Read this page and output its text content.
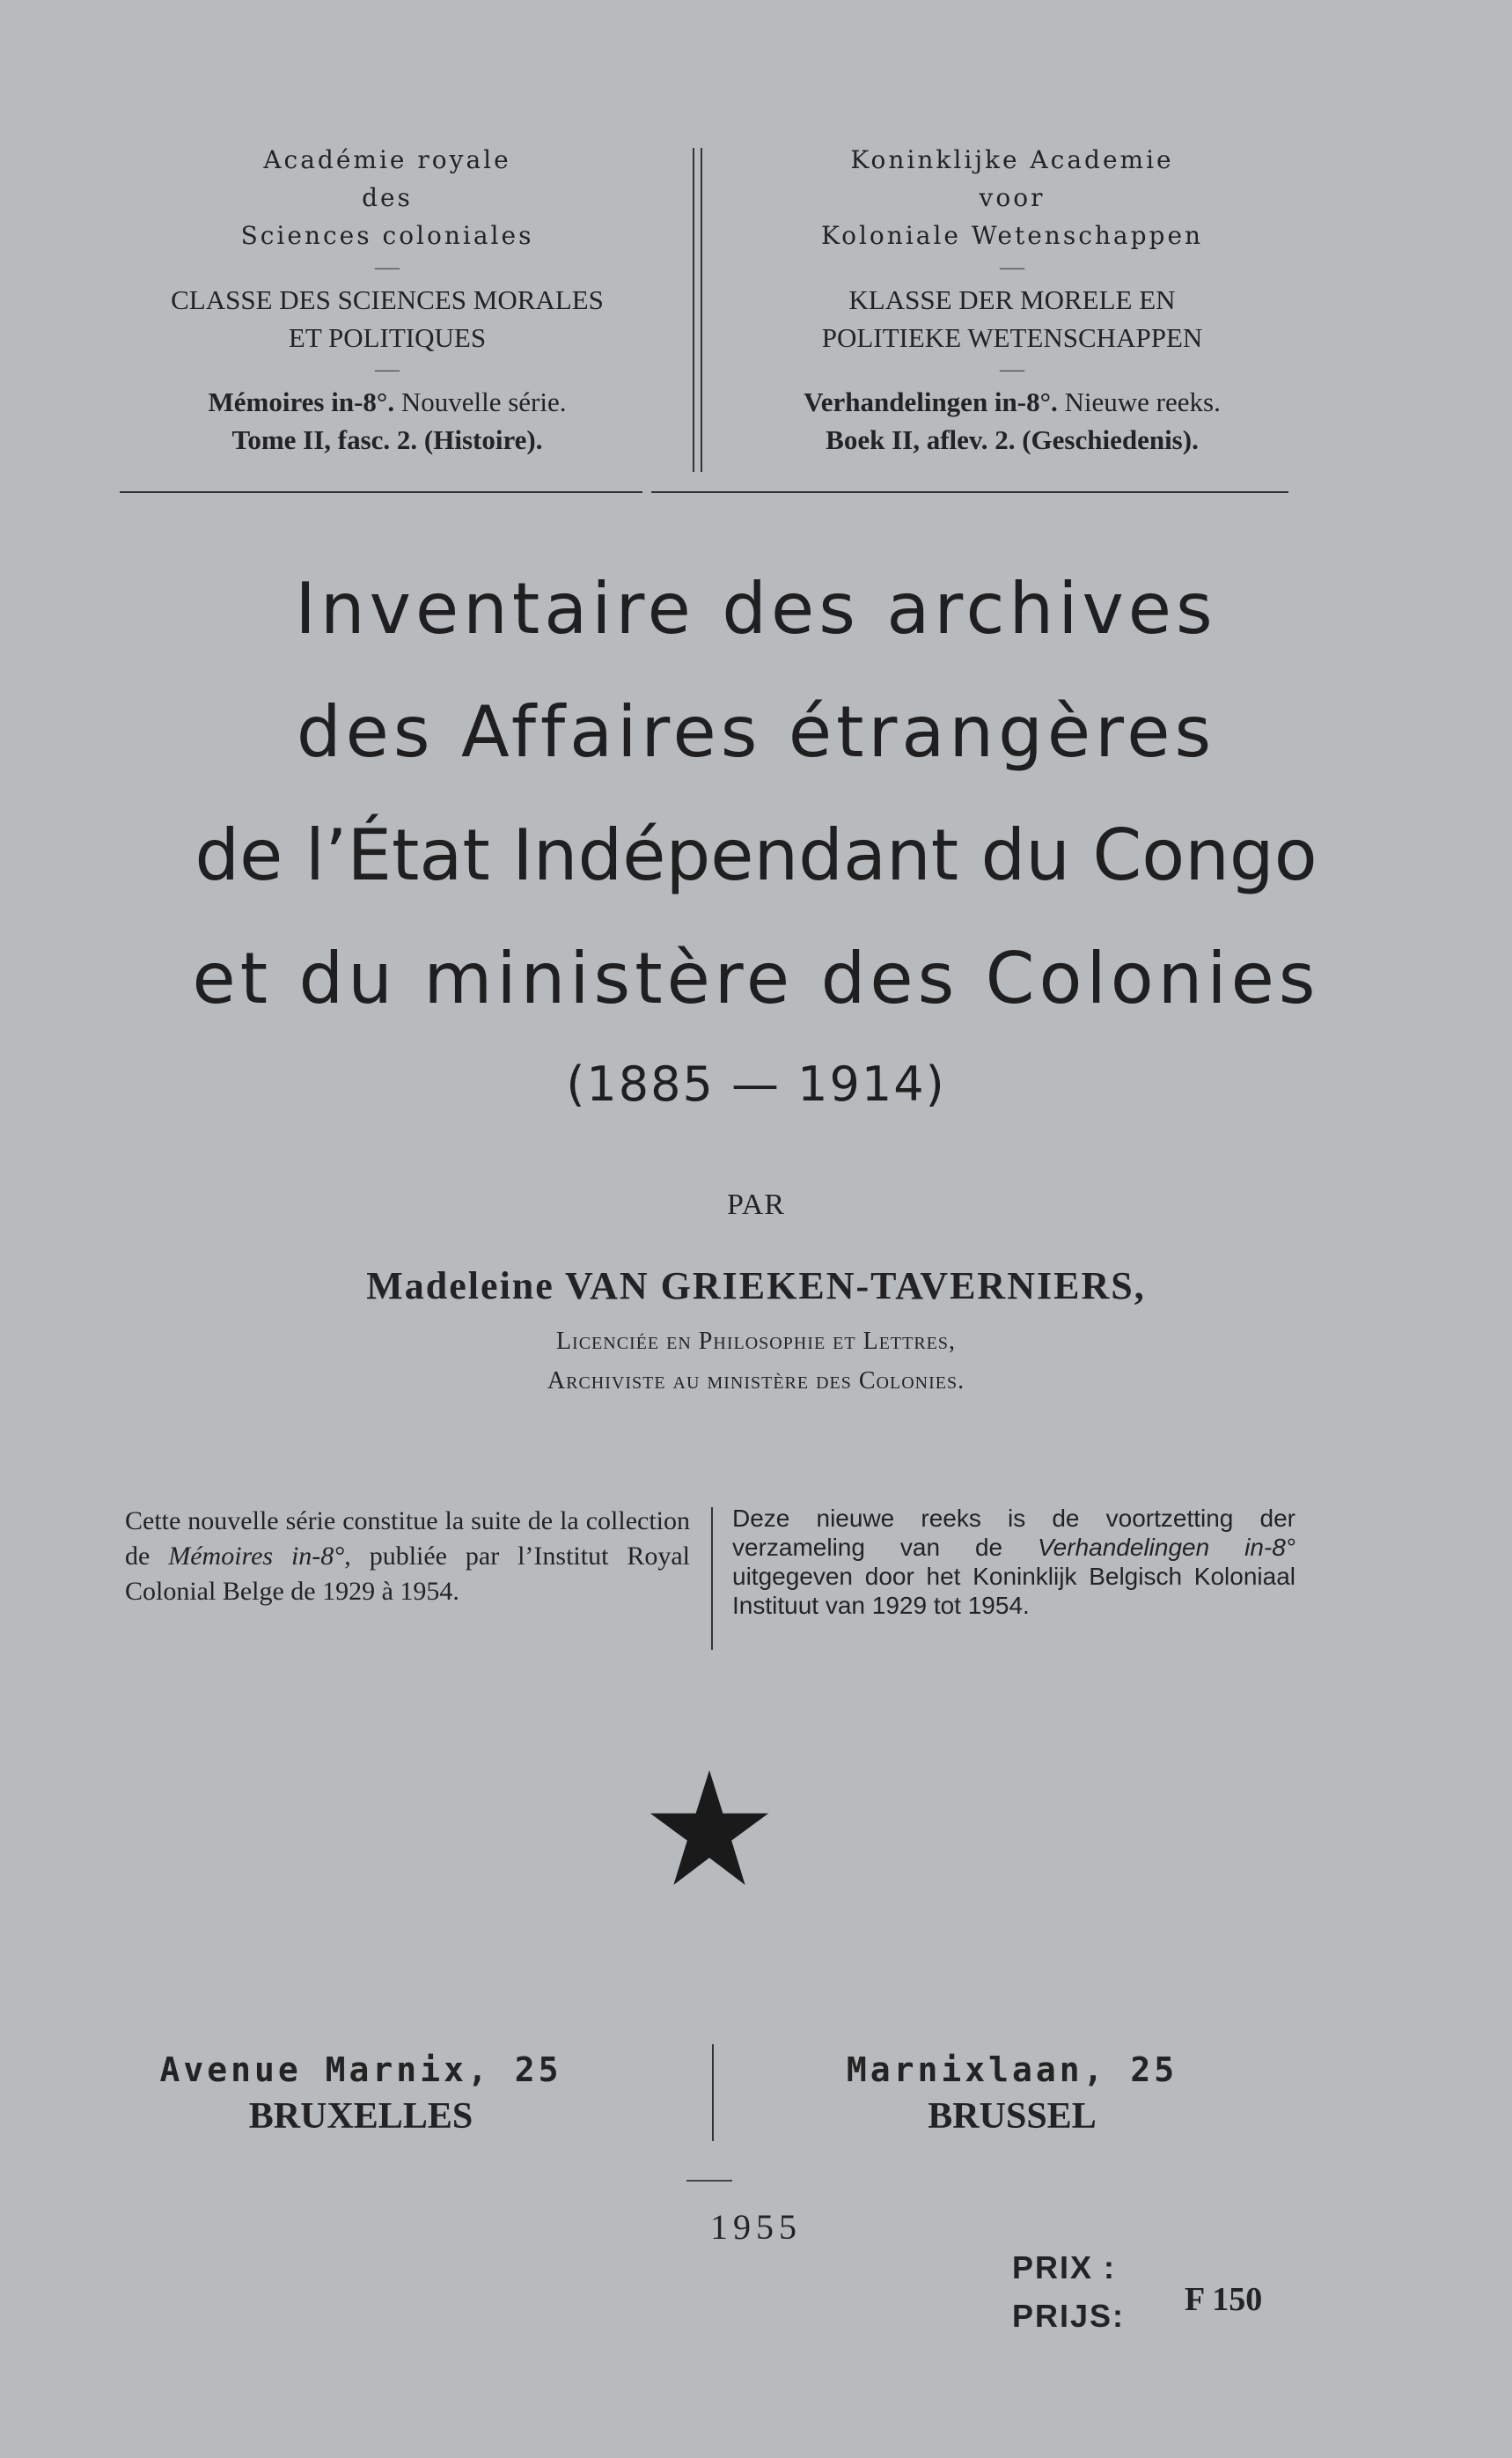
Académie royale
des
Sciences coloniales
—
CLASSE DES SCIENCES MORALES
ET POLITIQUES
—
Mémoires in-8°. Nouvelle série.
Tome II, fasc. 2. (Histoire).
Koninklijke Academie
voor
Koloniale Wetenschappen
—
KLASSE DER MORELE EN
POLITIEKE WETENSCHAPPEN
—
Verhandelingen in-8°. Nieuwe reeks.
Boek II, aflev. 2. (Geschiedenis).
Inventaire des archives
des Affaires étrangères
de l’État Indépendant du Congo
et du ministère des Colonies
(1885 — 1914)
PAR
Madeleine VAN GRIEKEN-TAVERNIERS,
Licenciée en Philosophie et Lettres,
Archiviste au ministère des Colonies.
Cette nouvelle série constitue la suite de la collection de Mémoires in-8°, publiée par l’Institut Royal Colonial Belge de 1929 à 1954.
Deze nieuwe reeks is de voortzetting der verzameling van de Verhandelingen in-8° uitgegeven door het Koninklijk Belgisch Koloniaal Instituut van 1929 tot 1954.
Avenue Marnix, 25
BRUXELLES
Marnixlaan, 25
BRUSSEL
1955
PRIX :
PRIJS: F 150
